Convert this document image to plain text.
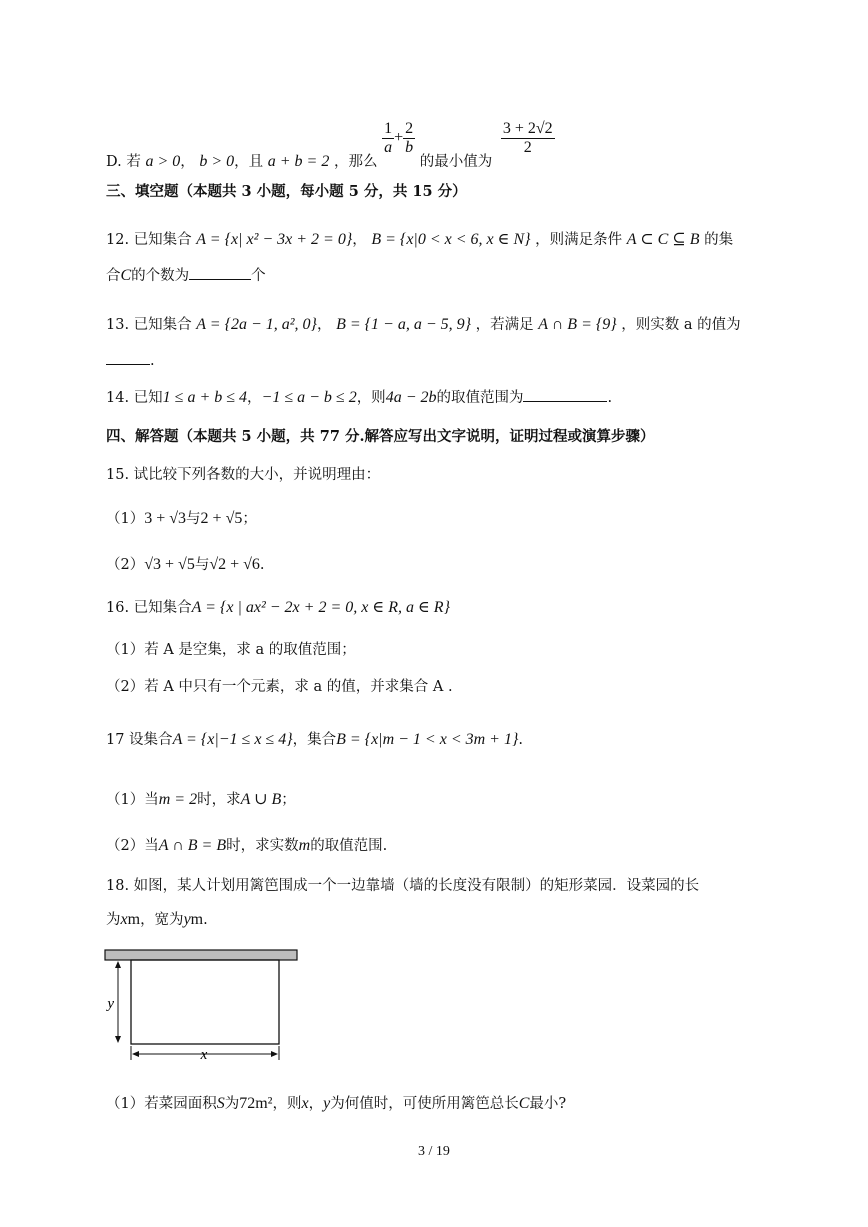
D. 若 a > 0， b > 0，且 a + b = 2 ，那么
$\frac{1}{a} + \frac{2}{b}$
的最小值为
$\frac{3 + 2√2}{2}$
三、填空题（本题共 3 小题，每小题 5 分，共 15 分）
12. 已知集合 A = {x| x² − 3x + 2 = 0}， B = {x|0 < x < 6, x ∈ N} ，则满足条件 A ⊂ C ⊆ B 的集
合C的个数为	个
13. 已知集合 A = {2a − 1, a², 0}， B = {1 − a, a − 5, 9} ，若满足 A ∩ B = {9} ，则实数 a 的值为
.
14. 已知1 ≤ a + b ≤ 4，−1 ≤ a − b ≤ 2，则4a − 2b的取值范围为	.
四、解答题（本题共 5 小题，共 77 分.解答应写出文字说明，证明过程或演算步骤）
15. 试比较下列各数的大小，并说明理由：
（1）3 + √3与2 + √5；
（2）√3 + √5与√2 + √6.
16. 已知集合A = {x | ax² − 2x + 2 = 0, x ∈ R, a ∈ R}
（1）若 A 是空集，求 a 的取值范围；
（2）若 A 中只有一个元素，求 a 的值，并求集合 A .
17 设集合A = {x|−1 ≤ x ≤ 4}，集合B = {x|m − 1 < x < 3m + 1}.
（1）当m = 2时，求A ∪ B；
（2）当A ∩ B = B时，求实数m的取值范围.
18. 如图，某人计划用篱笆围成一个一边靠墙（墙的长度没有限制）的矩形菜园．设菜园的长
为xm，宽为ym.
y
x
（1）若菜园面积S为72m²，则x，y为何值时，可使所用篱笆总长C最小?
3 / 19
